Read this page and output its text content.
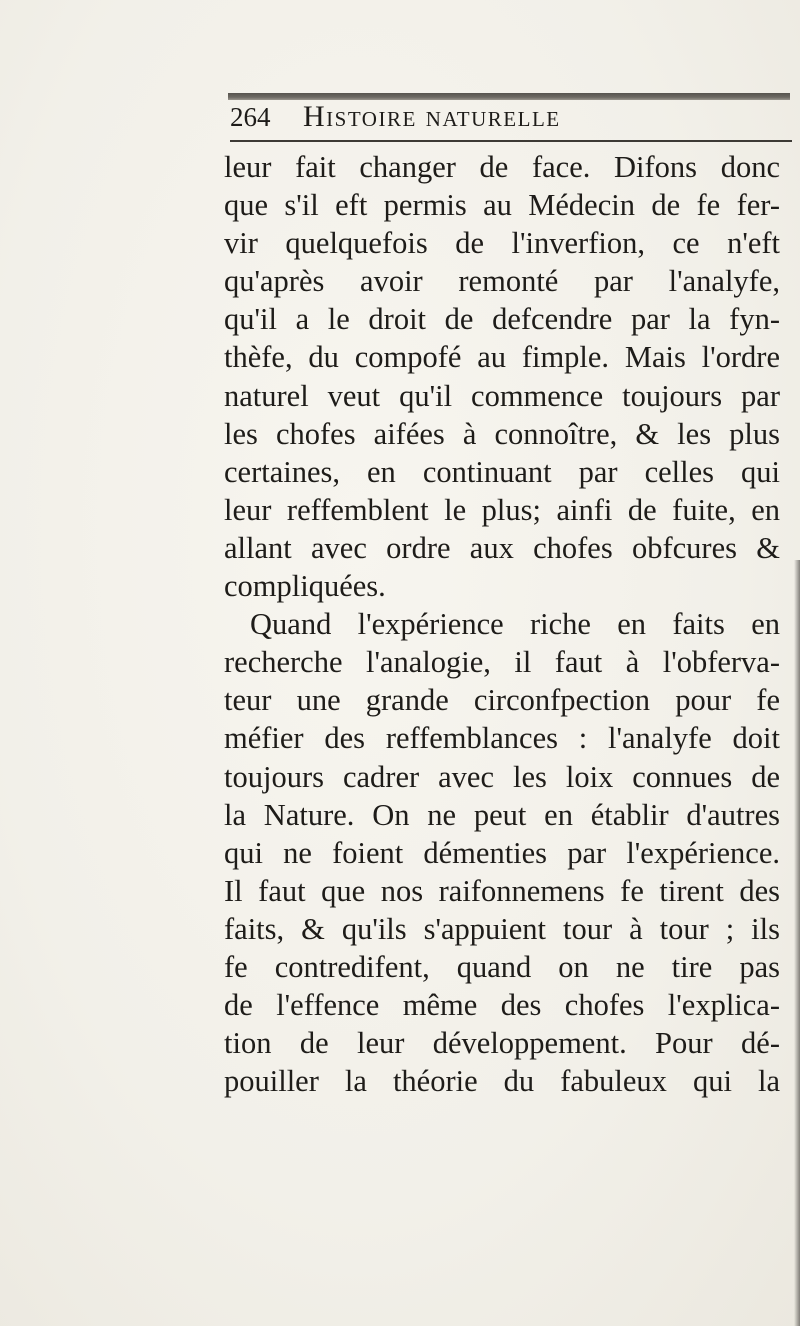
264 Histoire naturelle
leur fait changer de face. Difons donc
que s'il eft permis au Médecin de fe fer-
vir quelquefois de l'inverfion, ce n'eft
qu'après avoir remonté par l'analyfe,
qu'il a le droit de defcendre par la fyn-
thèfe, du compofé au fimple. Mais l'ordre
naturel veut qu'il commence toujours par
les chofes aifées à connoître, & les plus
certaines, en continuant par celles qui
leur reffemblent le plus; ainfi de fuite, en
allant avec ordre aux chofes obfcures &
compliquées.
Quand l'expérience riche en faits en
recherche l'analogie, il faut à l'obferva-
teur une grande circonfpection pour fe
méfier des reffemblances : l'analyfe doit
toujours cadrer avec les loix connues de
la Nature. On ne peut en établir d'autres
qui ne foient démenties par l'expérience.
Il faut que nos raifonnemens fe tirent des
faits, & qu'ils s'appuient tour à tour ; ils
fe contredifent, quand on ne tire pas
de l'effence même des chofes l'explica-
tion de leur développement. Pour dé-
pouiller la théorie du fabuleux qui la
